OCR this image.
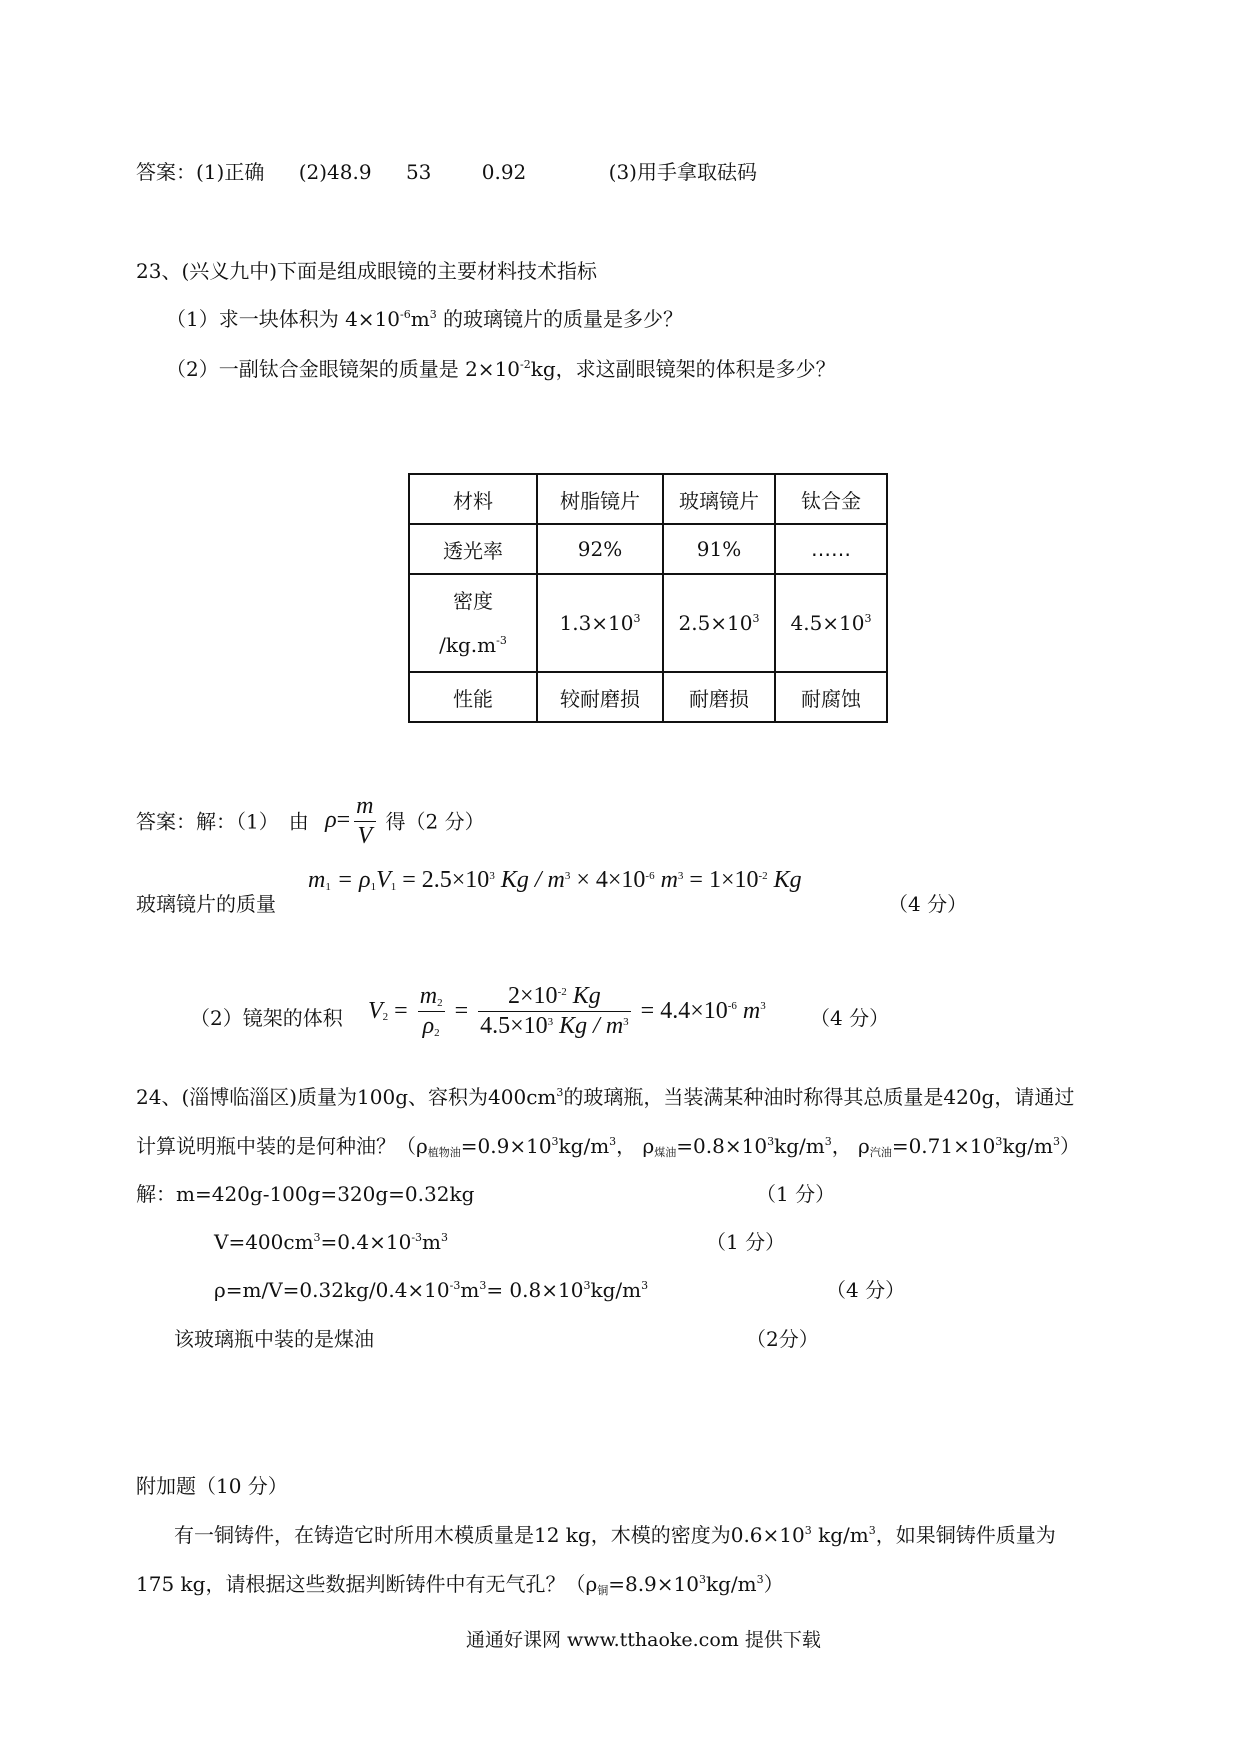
答案：(1)正确 (2)48.9 53	0.92	(3)用手拿取砝码
23、(兴义九中)下面是组成眼镜的主要材料技术指标
（1）求一块体积为 $4\times 10^{-6}m^3$ 的玻璃镜片的质量是多少？
（2）一副钛合金眼镜架的质量是 $2\times 10^{-2}kg$，求这副眼镜架的体积是多少？
材料	树脂镜片	玻璃镜片	钛合金
透光率	92%	91%	……

密度
$/kg.m^{-3}$	$1.3\times 10^3$	$2.5\times 10^3$	$4.5\times 10^3$
性能	较耐磨损	耐磨损	耐腐蚀
答案：解：（1）　由 $\rho= \frac{m}{V}$ 得（2 分）
$m_1 = \rho_1V_1 = 2.5\times 10^3$ $Kg / m^3 \times 4\times 10^{-6}$ $m^3 = 1\times 10^{-2}$ Kg
玻璃镜片的质量	（4 分）
（2）镜架的体积 $V_2 = \frac{m_2}{\rho_2} = \frac{2\times 10^{-2} Kg}{4.5\times 10^3 Kg / m^3} = 4.4\times 10^{-6}$ $m^3$
（4 分）
24、(淄博临淄区)质量为100g、容积为$400cm^3$的玻璃瓶，当装满某种油时称得其总质量是420g，请通过
计算说明瓶中装的是何种油？（$\rho_{植物油}=0.9\times 10^3kg/m^3$， $\rho_{煤油}=0.8\times 10^3kg/m^3$， $\rho_{汽油}=0.71\times 10^3kg/m^3$）
解：m=420g-100g=320g=0.32kg	（1 分）
$V=400cm^3=0.4\times 10^{-3}m^3$	（1 分）
$\rho=m/V=0.32kg/0.4\times 10^{-3}m^3= 0.8\times 10^3kg/m^3$	（4 分）
该玻璃瓶中装的是煤油	（2分）
附加题（10 分）
有一铜铸件，在铸造它时所用木模质量是12 kg，木模的密度为$0.6\times 10^3$ $kg/m^3$，如果铜铸件质量为
175 kg，请根据这些数据判断铸件中有无气孔？$(\rho_铜=8.9\times 10^3kg/m^3)$
通通好课网 www.tthaoke.com 提供下载
